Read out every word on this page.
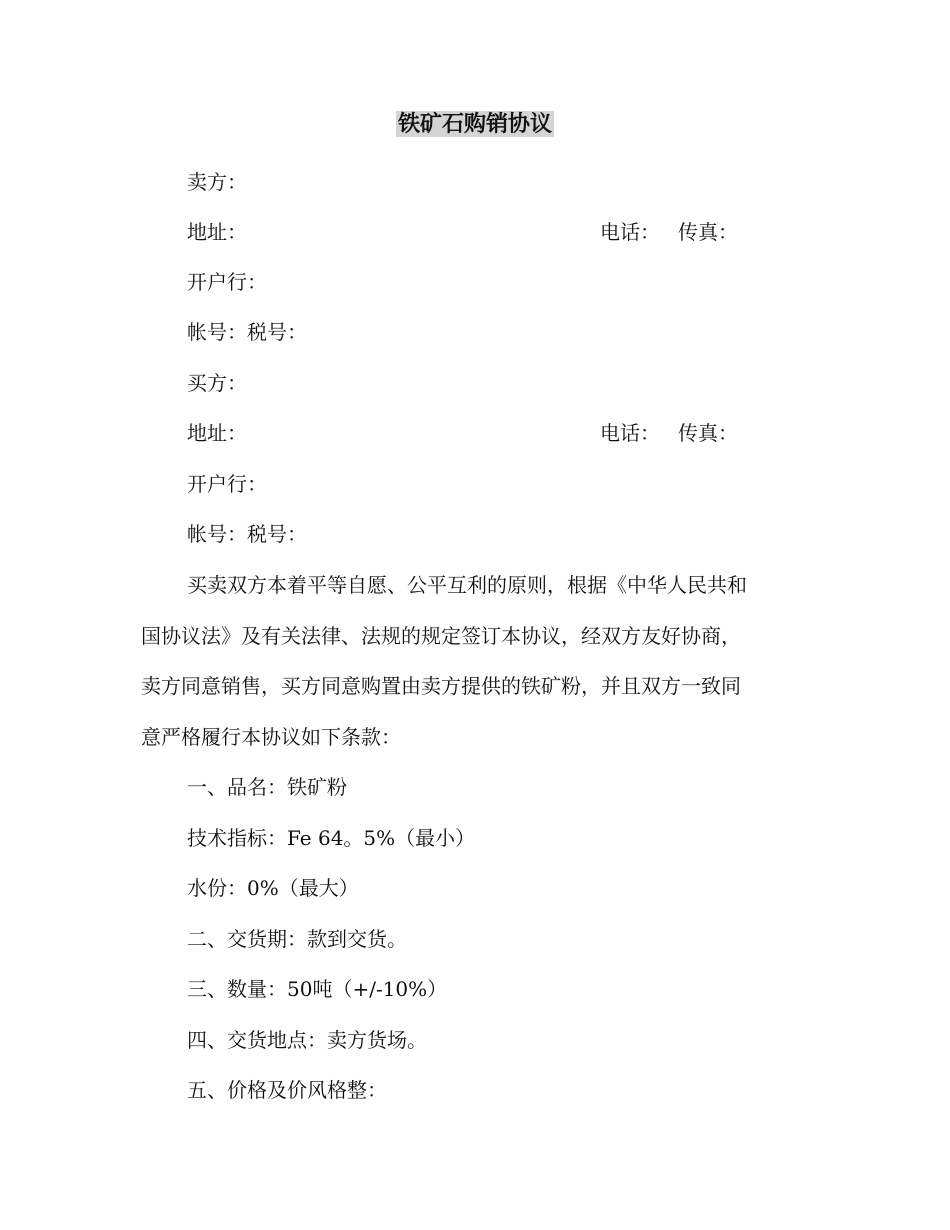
铁矿石购销协议
卖方：
地址：	电话： 传真：
开户行：
帐号：税号：
买方：
地址：	电话： 传真：
开户行：
帐号：税号：
买卖双方本着平等自愿、公平互利的原则，根据《中华人民共和
国协议法》及有关法律、法规的规定签订本协议，经双方友好协商，
卖方同意销售，买方同意购置由卖方提供的铁矿粉，并且双方一致同
意严格履行本协议如下条款：
一、品名：铁矿粉
技术指标：Fe 64。5%（最小）
水份：0%（最大）
二、交货期：款到交货。
三、数量：50吨（+/-10%）
四、交货地点：卖方货场。
五、价格及价风格整：
